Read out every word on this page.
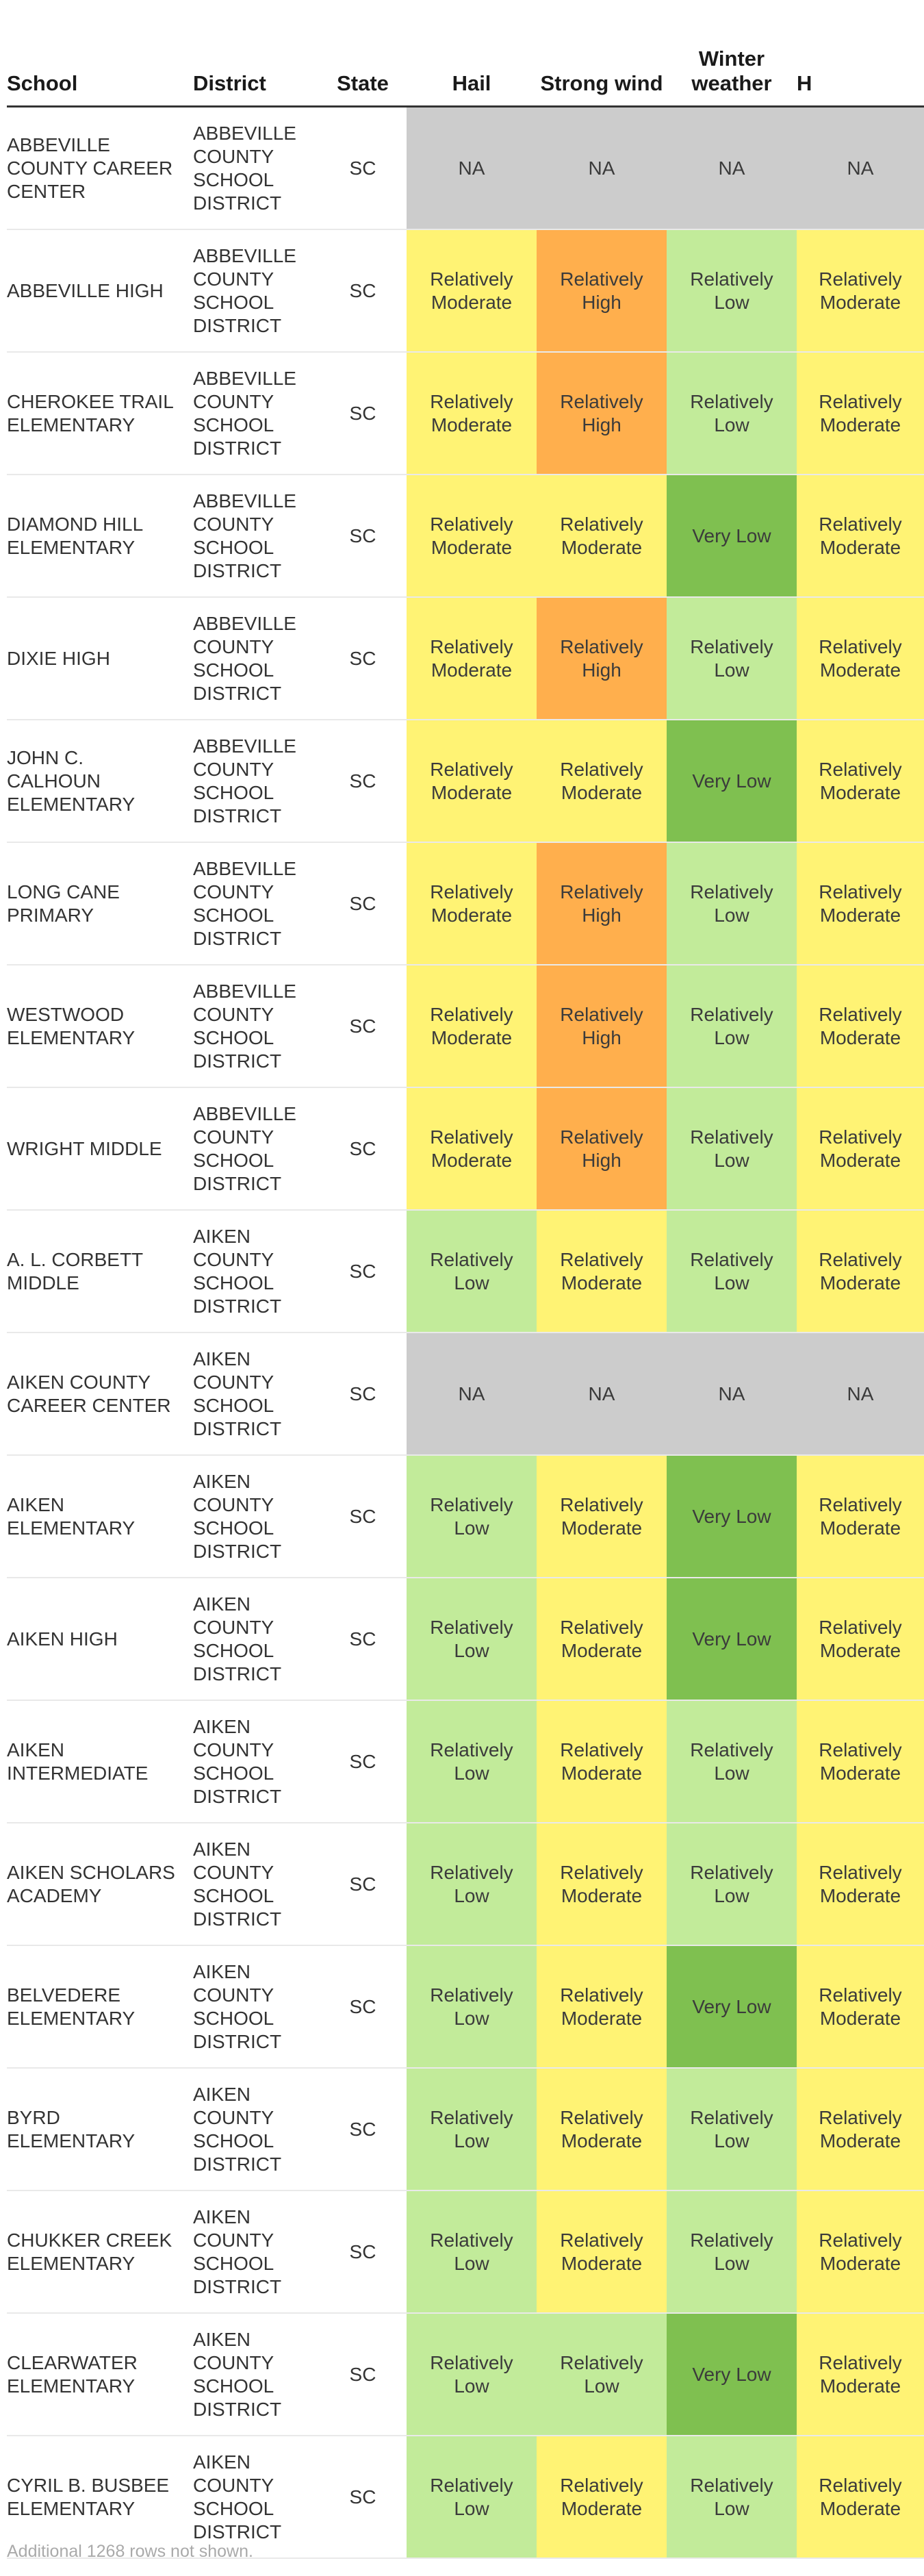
School	District	State	Hail	Strong wind	Winter weather	H
ABBEVILLE COUNTY CAREER CENTER	ABBEVILLE COUNTY SCHOOL DISTRICT	SC	NA	NA	NA	NA
ABBEVILLE HIGH	ABBEVILLE COUNTY SCHOOL DISTRICT	SC	Relatively Moderate	Relatively High	Relatively Low	Relatively Moderate
CHEROKEE TRAIL ELEMENTARY	ABBEVILLE COUNTY SCHOOL DISTRICT	SC	Relatively Moderate	Relatively High	Relatively Low	Relatively Moderate
DIAMOND HILL ELEMENTARY	ABBEVILLE COUNTY SCHOOL DISTRICT	SC	Relatively Moderate	Relatively Moderate	Very Low	Relatively Moderate
DIXIE HIGH	ABBEVILLE COUNTY SCHOOL DISTRICT	SC	Relatively Moderate	Relatively High	Relatively Low	Relatively Moderate
JOHN C. CALHOUN ELEMENTARY	ABBEVILLE COUNTY SCHOOL DISTRICT	SC	Relatively Moderate	Relatively Moderate	Very Low	Relatively Moderate
LONG CANE PRIMARY	ABBEVILLE COUNTY SCHOOL DISTRICT	SC	Relatively Moderate	Relatively High	Relatively Low	Relatively Moderate
WESTWOOD ELEMENTARY	ABBEVILLE COUNTY SCHOOL DISTRICT	SC	Relatively Moderate	Relatively High	Relatively Low	Relatively Moderate
WRIGHT MIDDLE	ABBEVILLE COUNTY SCHOOL DISTRICT	SC	Relatively Moderate	Relatively High	Relatively Low	Relatively Moderate
A. L. CORBETT MIDDLE	AIKEN COUNTY SCHOOL DISTRICT	SC	Relatively Low	Relatively Moderate	Relatively Low	Relatively Moderate
AIKEN COUNTY CAREER CENTER	AIKEN COUNTY SCHOOL DISTRICT	SC	NA	NA	NA	NA
AIKEN ELEMENTARY	AIKEN COUNTY SCHOOL DISTRICT	SC	Relatively Low	Relatively Moderate	Very Low	Relatively Moderate
AIKEN HIGH	AIKEN COUNTY SCHOOL DISTRICT	SC	Relatively Low	Relatively Moderate	Very Low	Relatively Moderate
AIKEN INTERMEDIATE	AIKEN COUNTY SCHOOL DISTRICT	SC	Relatively Low	Relatively Moderate	Relatively Low	Relatively Moderate
AIKEN SCHOLARS ACADEMY	AIKEN COUNTY SCHOOL DISTRICT	SC	Relatively Low	Relatively Moderate	Relatively Low	Relatively Moderate
BELVEDERE ELEMENTARY	AIKEN COUNTY SCHOOL DISTRICT	SC	Relatively Low	Relatively Moderate	Very Low	Relatively Moderate
BYRD ELEMENTARY	AIKEN COUNTY SCHOOL DISTRICT	SC	Relatively Low	Relatively Moderate	Relatively Low	Relatively Moderate
CHUKKER CREEK ELEMENTARY	AIKEN COUNTY SCHOOL DISTRICT	SC	Relatively Low	Relatively Moderate	Relatively Low	Relatively Moderate
CLEARWATER ELEMENTARY	AIKEN COUNTY SCHOOL DISTRICT	SC	Relatively Low	Relatively Low	Very Low	Relatively Moderate
CYRIL B. BUSBEE ELEMENTARY	AIKEN COUNTY SCHOOL DISTRICT	SC	Relatively Low	Relatively Moderate	Relatively Low	Relatively Moderate
Additional 1268 rows not shown.
